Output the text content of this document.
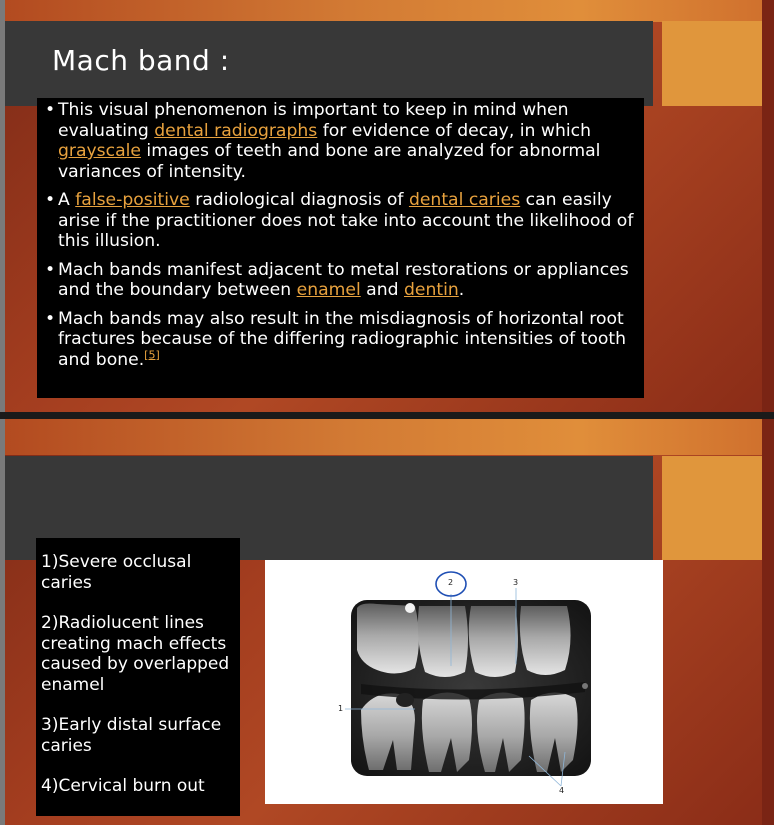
Mach band :
• This visual phenomenon is important to keep in mind when evaluating dental radiographs for evidence of decay, in which grayscale images of teeth and bone are analyzed for abnormal variances of intensity.
• A false-positive radiological diagnosis of dental caries can easily arise if the practitioner does not take into account the likelihood of this illusion.
• Mach bands manifest adjacent to metal restorations or appliances and the boundary between enamel and dentin.
• Mach bands may also result in the misdiagnosis of horizontal root fractures because of the differing radiographic intensities of tooth and bone.[5]

1)Severe occlusal caries

2)Radiolucent lines creating mach effects caused by overlapped enamel

3)Early distal surface caries

4)Cervical burn out

1
2	3
4
